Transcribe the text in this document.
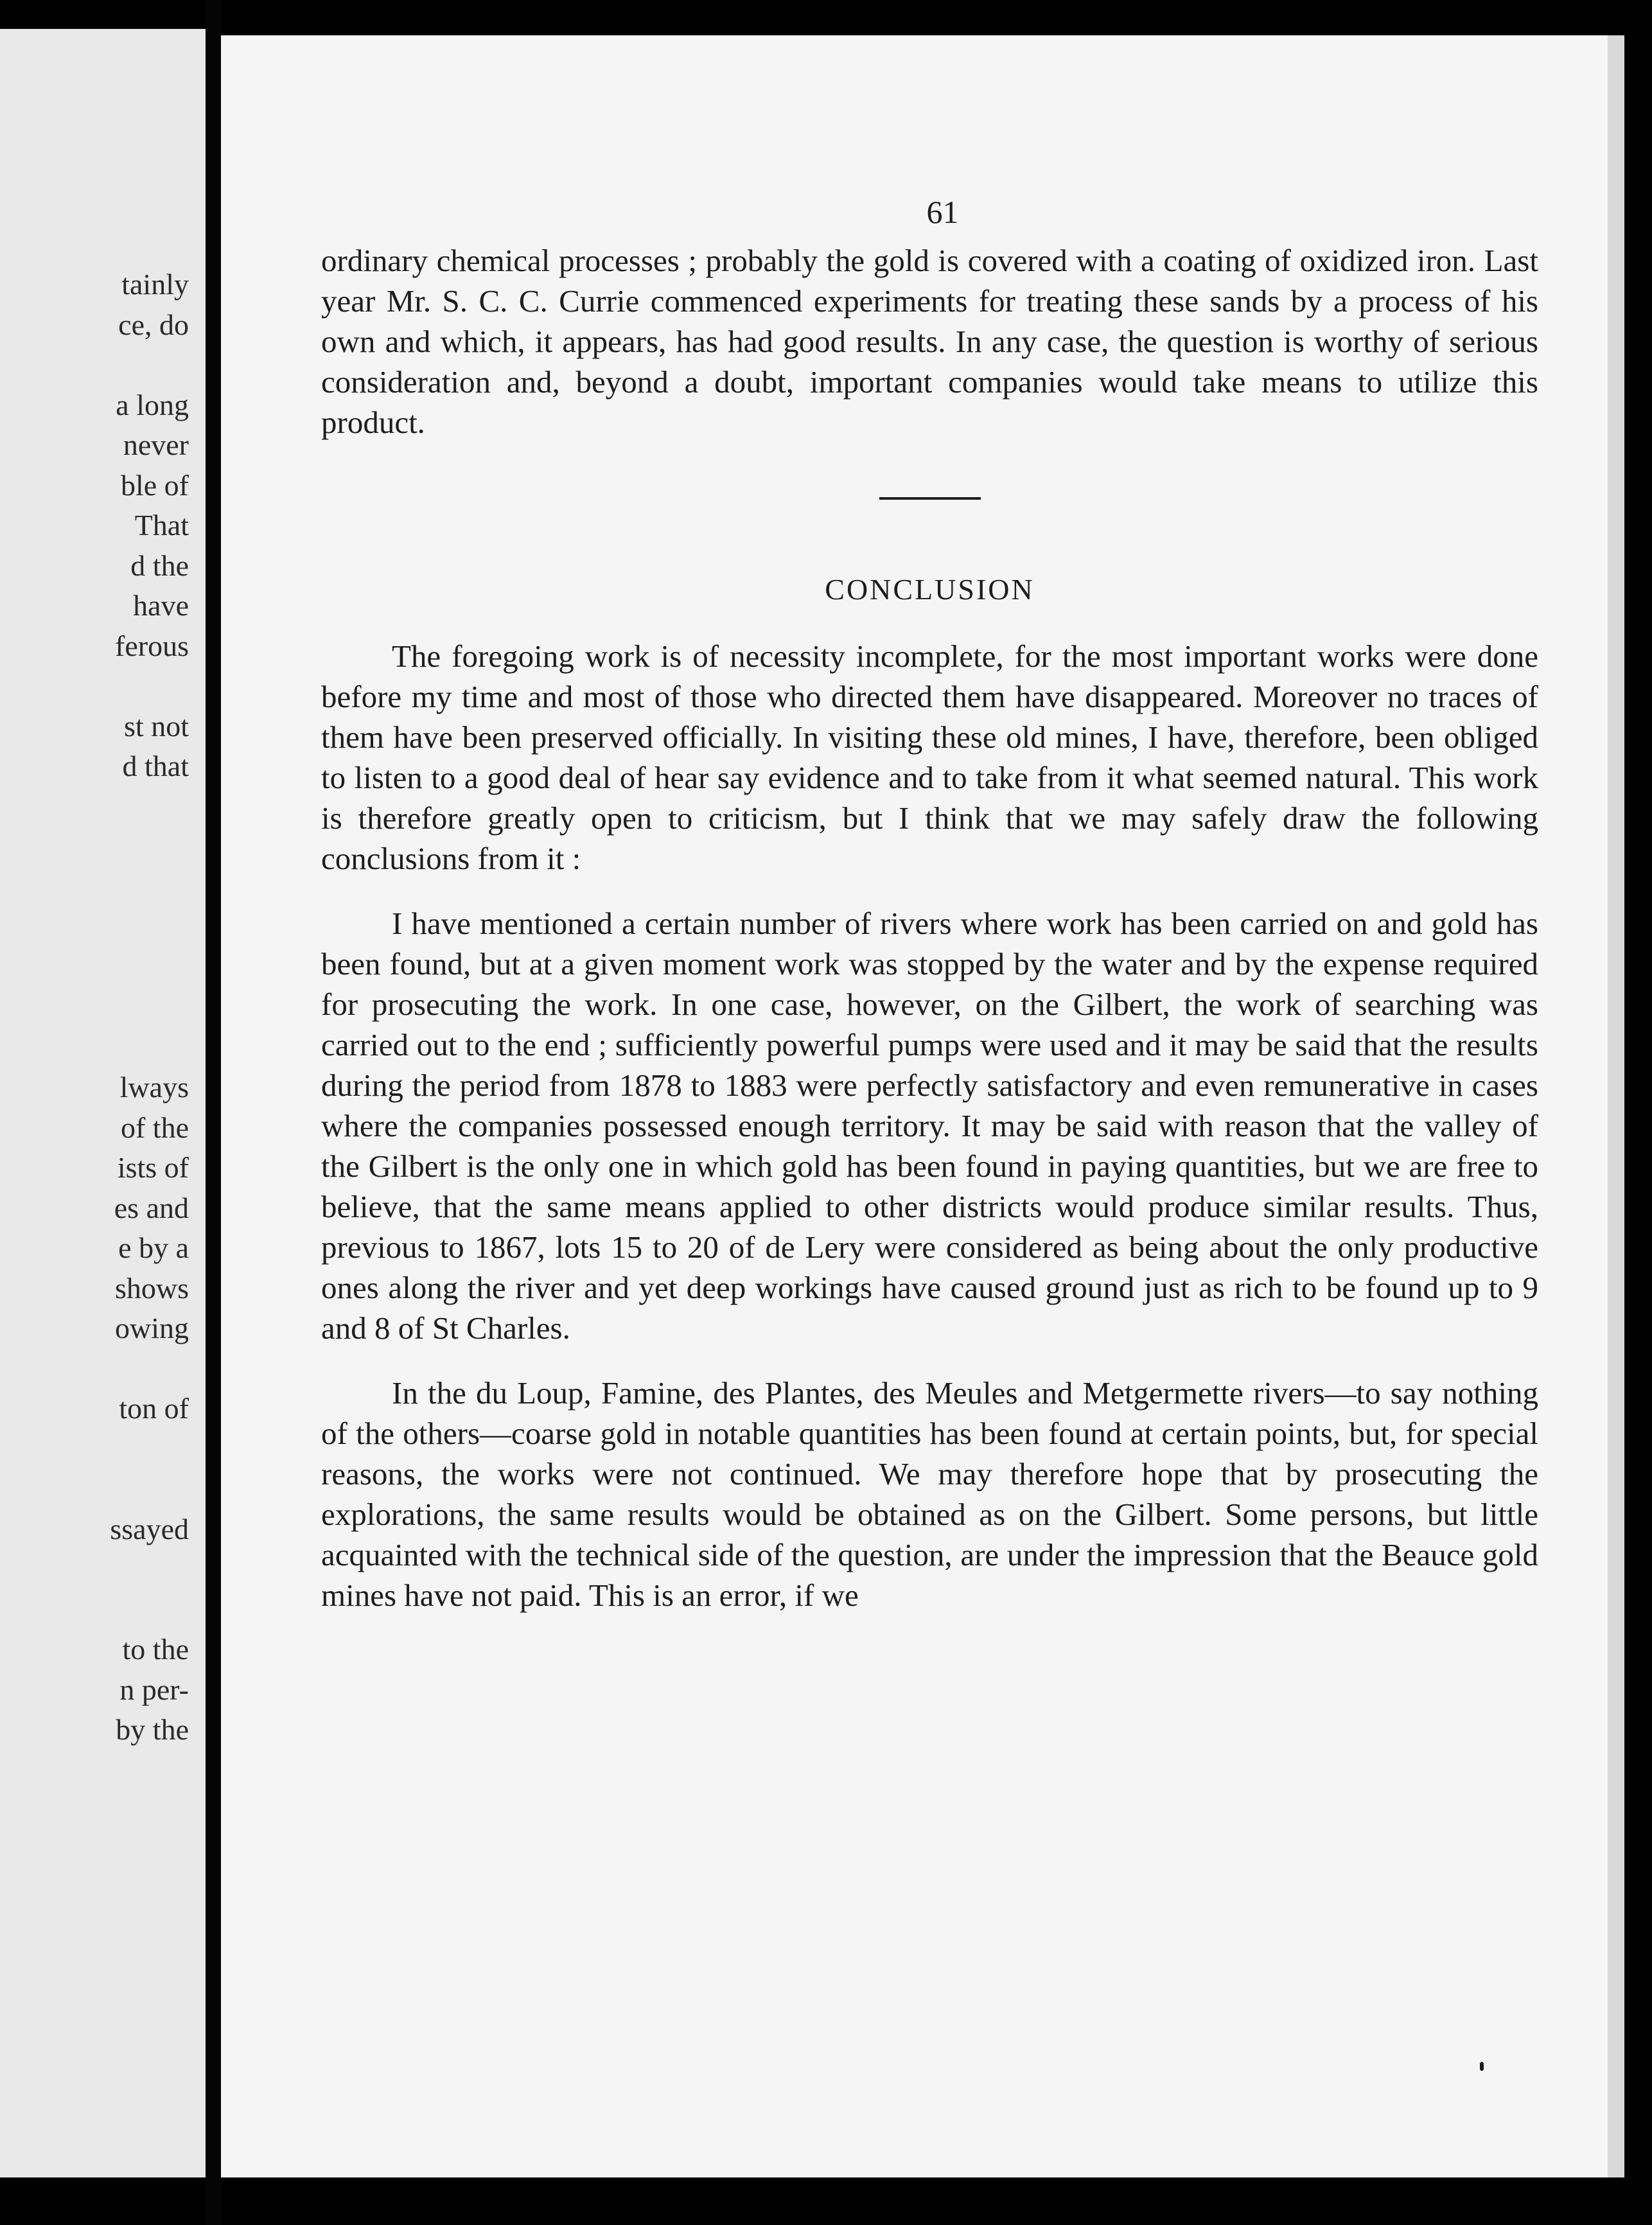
tainly
ce, do
a long
never
ble of
That
d the
have
ferous
st not
d that
lways
of the
ists of
es and
e by a
shows
owing
ton of
ssayed
to the
n per-
by the
61

ordinary chemical processes ; probably the gold is covered with a coating of oxidized iron. Last year Mr. S. C. C. Currie commenced experiments for treating these sands by a process of his own and which, it appears, has had good results. In any case, the question is worthy of serious consideration and, beyond a doubt, important companies would take means to utilize this product.

CONCLUSION

The foregoing work is of necessity incomplete, for the most important works were done before my time and most of those who directed them have disappeared. Moreover no traces of them have been preserved officially. In visiting these old mines, I have, therefore, been obliged to listen to a good deal of hear say evidence and to take from it what seemed natural. This work is therefore greatly open to criticism, but I think that we may safely draw the following conclusions from it :

I have mentioned a certain number of rivers where work has been carried on and gold has been found, but at a given moment work was stopped by the water and by the expense required for prosecuting the work. In one case, however, on the Gilbert, the work of searching was carried out to the end ; sufficiently powerful pumps were used and it may be said that the results during the period from 1878 to 1883 were perfectly satisfactory and even remunerative in cases where the companies possessed enough territory. It may be said with reason that the valley of the Gilbert is the only one in which gold has been found in paying quantities, but we are free to believe, that the same means applied to other districts would produce similar results. Thus, previous to 1867, lots 15 to 20 of de Lery were considered as being about the only productive ones along the river and yet deep workings have caused ground just as rich to be found up to 9 and 8 of St Charles.

In the du Loup, Famine, des Plantes, des Meules and Metgermette rivers—to say nothing of the others—coarse gold in notable quantities has been found at certain points, but, for special reasons, the works were not continued. We may therefore hope that by prosecuting the explorations, the same results would be obtained as on the Gilbert. Some persons, but little acquainted with the technical side of the question, are under the impression that the Beauce gold mines have not paid. This is an error, if we
